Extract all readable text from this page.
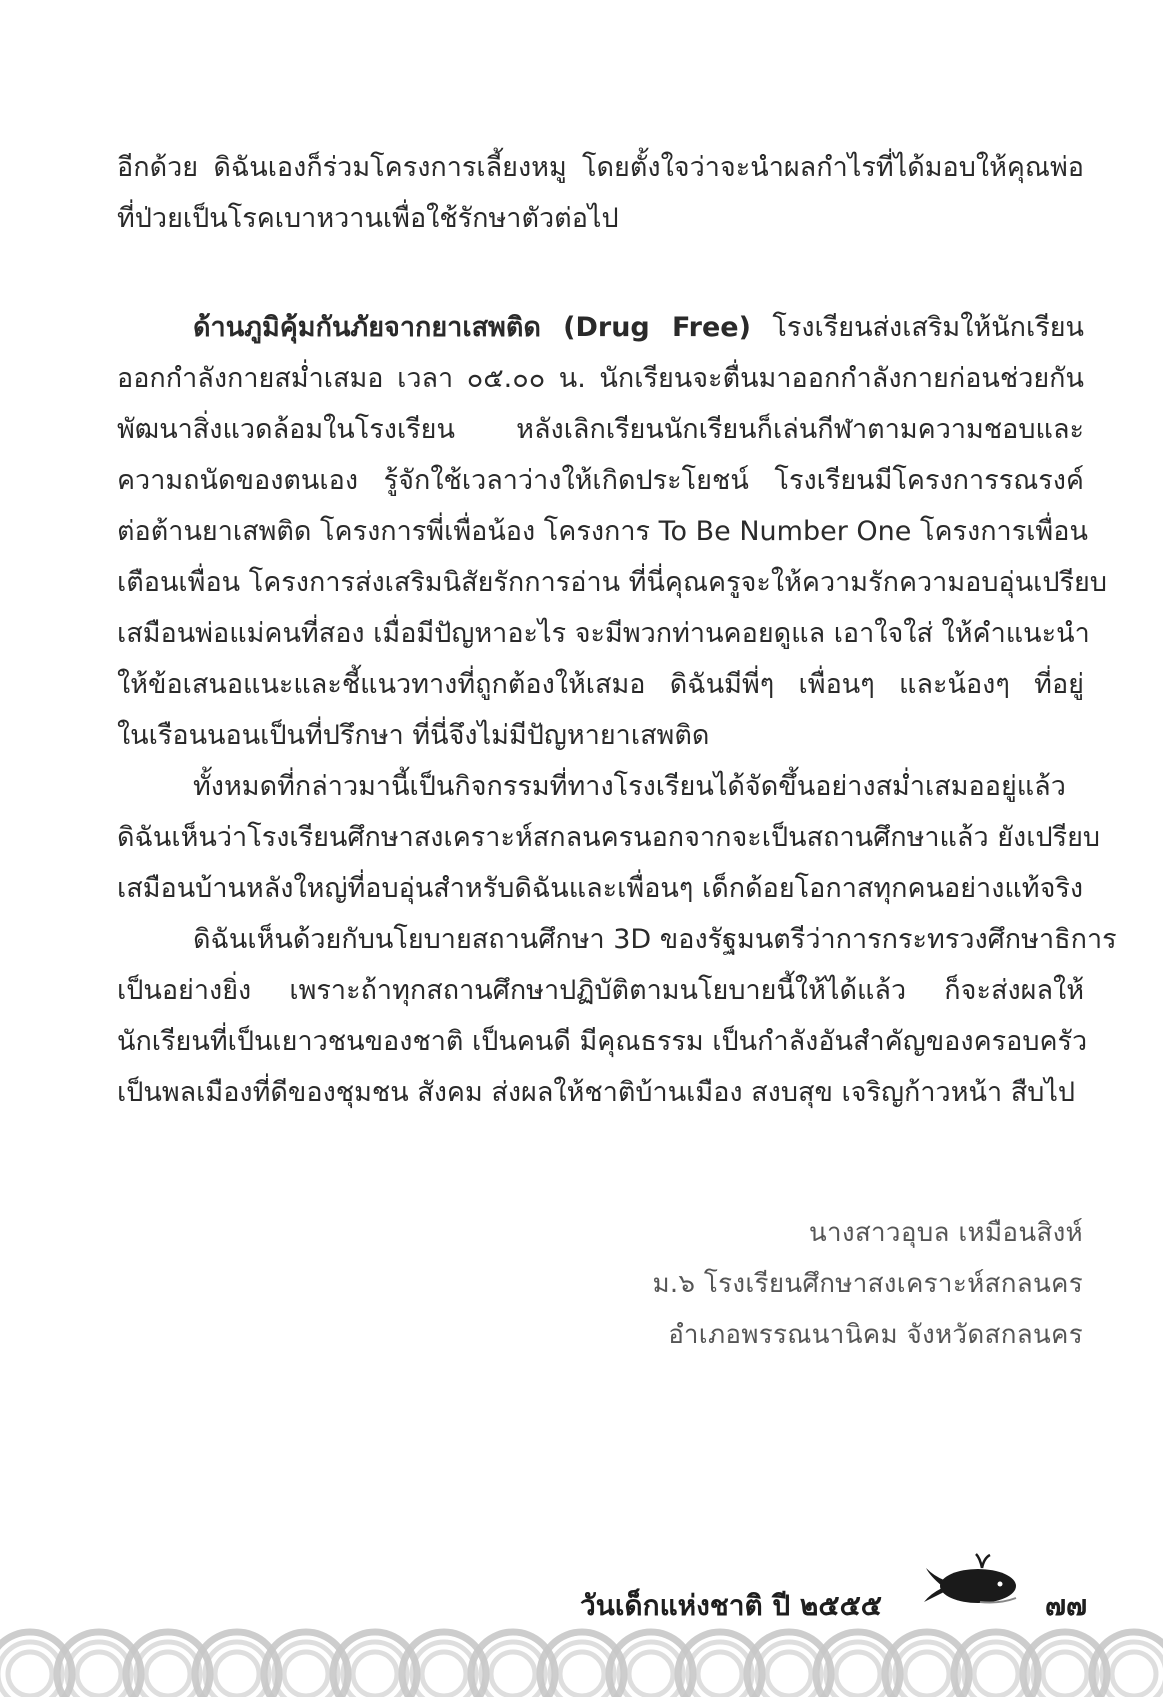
อีกด้วย ดิฉันเองก็ร่วมโครงการเลี้ยงหมู โดยตั้งใจว่าจะนำผลกำไรที่ได้มอบให้คุณพ่อ
ที่ป่วยเป็นโรคเบาหวานเพื่อใช้รักษาตัวต่อไป
ด้านภูมิคุ้มกันภัยจากยาเสพติด (Drug Free) โรงเรียนส่งเสริมให้นักเรียน
ออกกำลังกายสม่ำเสมอ เวลา ๐๕.๐๐ น. นักเรียนจะตื่นมาออกกำลังกายก่อนช่วยกัน
พัฒนาสิ่งแวดล้อมในโรงเรียน หลังเลิกเรียนนักเรียนก็เล่นกีฬาตามความชอบและ
ความถนัดของตนเอง รู้จักใช้เวลาว่างให้เกิดประโยชน์ โรงเรียนมีโครงการรณรงค์
ต่อต้านยาเสพติด โครงการพี่เพื่อน้อง โครงการ To Be Number One โครงการเพื่อน
เตือนเพื่อน โครงการส่งเสริมนิสัยรักการอ่าน ที่นี่คุณครูจะให้ความรักความอบอุ่นเปรียบ
เสมือนพ่อแม่คนที่สอง เมื่อมีปัญหาอะไร จะมีพวกท่านคอยดูแล เอาใจใส่ ให้คำแนะนำ
ให้ข้อเสนอแนะและชี้แนวทางที่ถูกต้องให้เสมอ ดิฉันมีพี่ๆ เพื่อนๆ และน้องๆ ที่อยู่
ในเรือนนอนเป็นที่ปรึกษา ที่นี่จึงไม่มีปัญหายาเสพติด
ทั้งหมดที่กล่าวมานี้เป็นกิจกรรมที่ทางโรงเรียนได้จัดขึ้นอย่างสม่ำเสมออยู่แล้ว
ดิฉันเห็นว่าโรงเรียนศึกษาสงเคราะห์สกลนครนอกจากจะเป็นสถานศึกษาแล้ว ยังเปรียบ
เสมือนบ้านหลังใหญ่ที่อบอุ่นสำหรับดิฉันและเพื่อนๆ เด็กด้อยโอกาสทุกคนอย่างแท้จริง
ดิฉันเห็นด้วยกับนโยบายสถานศึกษา 3D ของรัฐมนตรีว่าการกระทรวงศึกษาธิการ
เป็นอย่างยิ่ง เพราะถ้าทุกสถานศึกษาปฏิบัติตามนโยบายนี้ให้ได้แล้ว ก็จะส่งผลให้
นักเรียนที่เป็นเยาวชนของชาติ เป็นคนดี มีคุณธรรม เป็นกำลังอันสำคัญของครอบครัว
เป็นพลเมืองที่ดีของชุมชน สังคม ส่งผลให้ชาติบ้านเมือง สงบสุข เจริญก้าวหน้า สืบไป
นางสาวอุบล เหมือนสิงห์
ม.๖ โรงเรียนศึกษาสงเคราะห์สกลนคร
อำเภอพรรณนานิคม จังหวัดสกลนคร
วันเด็กแห่งชาติ ปี ๒๕๕๕	๗๗
